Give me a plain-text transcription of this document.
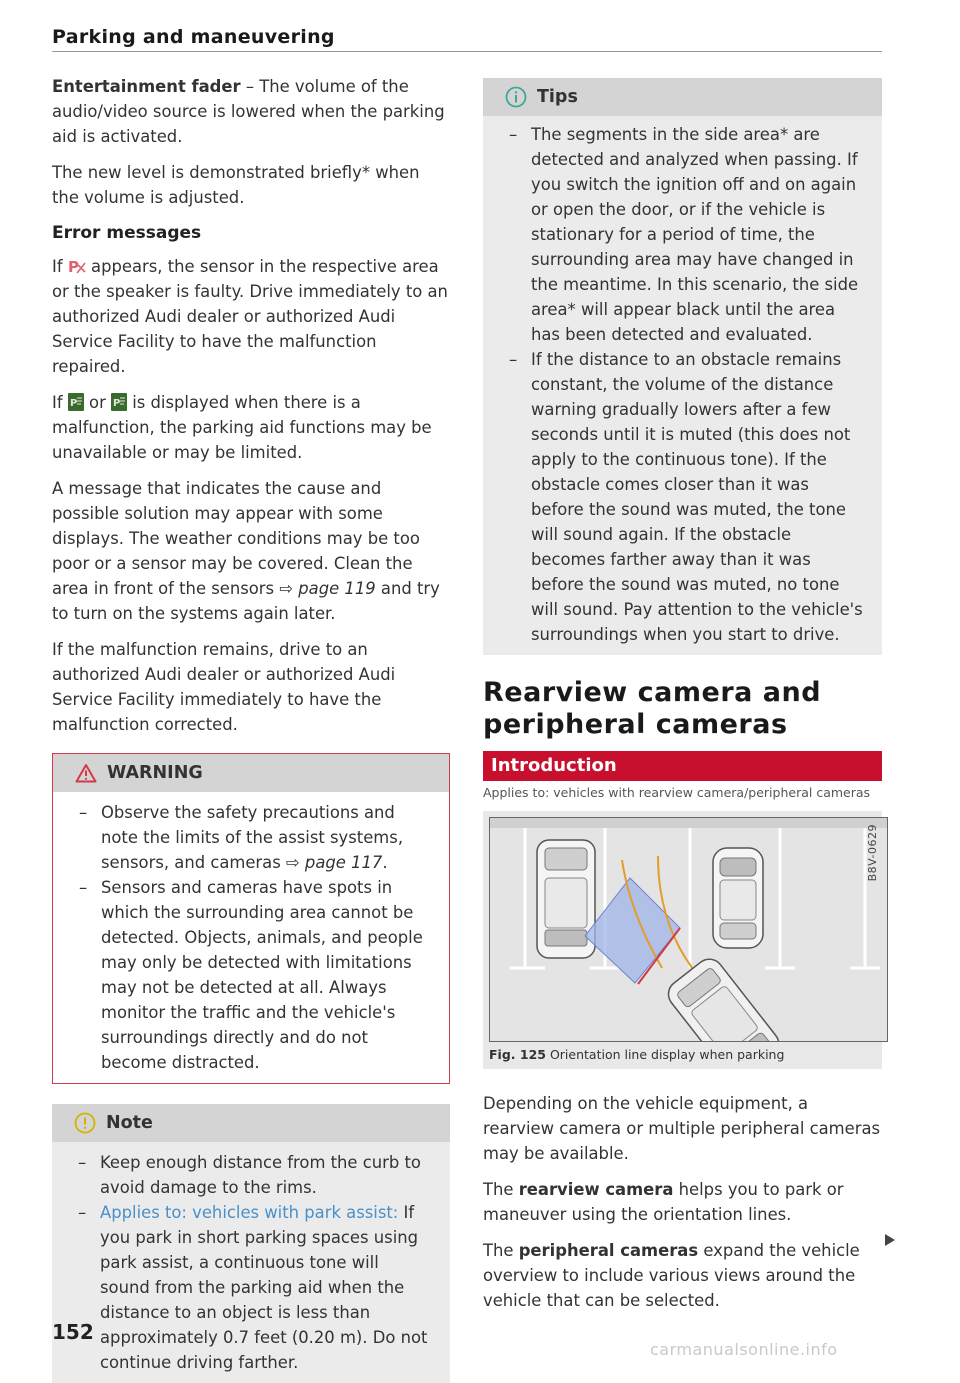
Parking and maneuvering

Entertainment fader – The volume of the audio/video source is lowered when the parking aid is activated.

The new level is demonstrated briefly* when the volume is adjusted.

Error messages

If P appears, the sensor in the respective area or the speaker is faulty. Drive immediately to an authorized Audi dealer or authorized Audi Service Facility to have the malfunction repaired.

If P or P is displayed when there is a malfunction, the parking aid functions may be unavailable or may be limited.

A message that indicates the cause and possible solution may appear with some displays. The weather conditions may be too poor or a sensor may be covered. Clean the area in front of the sensors ⇨ page 119 and try to turn on the systems again later.

If the malfunction remains, drive to an authorized Audi dealer or authorized Audi Service Facility immediately to have the malfunction corrected.

WARNING
– Observe the safety precautions and note the limits of the assist systems, sensors, and cameras ⇨ page 117.
– Sensors and cameras have spots in which the surrounding area cannot be detected. Objects, animals, and people may only be detected with limitations may not be detected at all. Always monitor the traffic and the vehicle's surroundings directly and do not become distracted.
Note
– Keep enough distance from the curb to avoid damage to the rims.
– Applies to: vehicles with park assist: If you park in short parking spaces using park assist, a continuous tone will sound from the parking aid when the distance to an object is less than approximately 0.7 feet (0.20 m). Do not continue driving farther.
Tips
– The segments in the side area* are detected and analyzed when passing. If you switch the ignition off and on again or open the door, or if the vehicle is stationary for a period of time, the surrounding area may have changed in the meantime. In this scenario, the side area* will appear black until the area has been detected and evaluated.
– If the distance to an obstacle remains constant, the volume of the distance warning gradually lowers after a few seconds until it is muted (this does not apply to the continuous tone). If the obstacle comes closer than it was before the sound was muted, the tone will sound again. If the obstacle becomes farther away than it was before the sound was muted, no tone will sound. Pay attention to the vehicle's surroundings when you start to drive.
Rearview camera and peripheral cameras
Introduction
Applies to: vehicles with rearview camera/peripheral cameras
B8V-0629
Fig. 125 Orientation line display when parking

Depending on the vehicle equipment, a rearview camera or multiple peripheral cameras may be available.

The rearview camera helps you to park or maneuver using the orientation lines.

The peripheral cameras expand the vehicle overview to include various views around the vehicle that can be selected.

152
carmanualsonline.info
